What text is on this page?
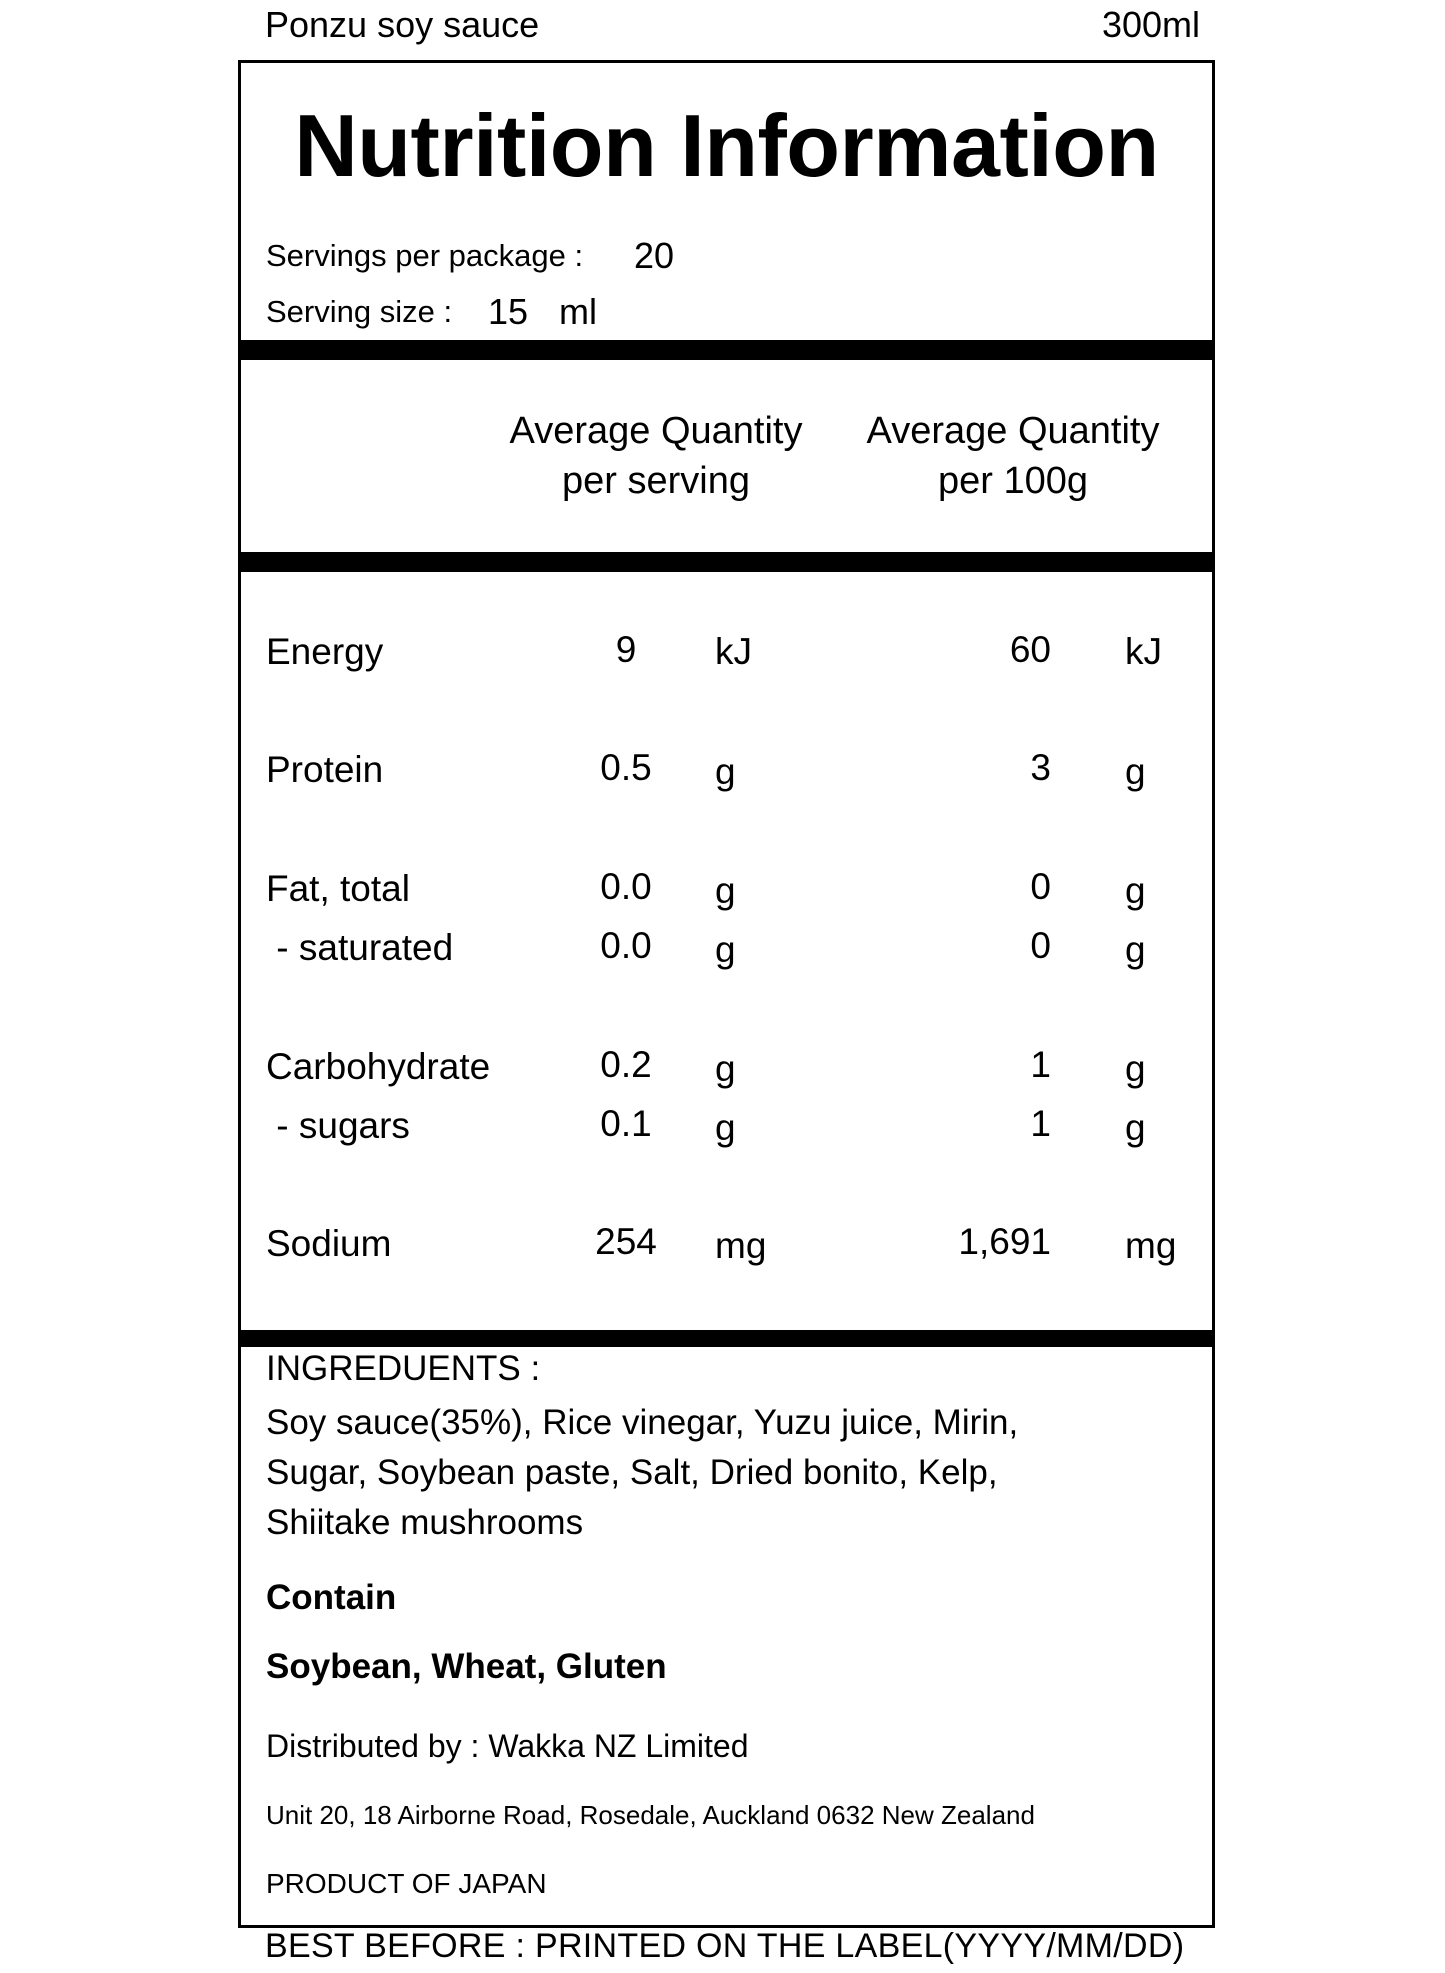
Ponzu soy sauce	300ml
Nutrition Information
Servings per package : 20
Serving size : 15 ml
Average Quantity
per serving
Average Quantity
per 100g
Energy	9	kJ	60 kJ
Protein	0.5	g	3 g
Fat, total	0.0	g	0 g
- saturated	0.0	g	0 g
Carbohydrate	0.2	g	1 g
- sugars	0.1	g	1 g
Sodium	254	mg	1,691 mg
INGREDUENTS :
Soy sauce(35%), Rice vinegar, Yuzu juice, Mirin,
Sugar, Soybean paste, Salt, Dried bonito, Kelp,
Shiitake mushrooms
Contain
Soybean, Wheat, Gluten
Distributed by : Wakka NZ Limited
Unit 20, 18 Airborne Road, Rosedale, Auckland 0632 New Zealand
PRODUCT OF JAPAN
BEST BEFORE : PRINTED ON THE LABEL(YYYY/MM/DD)
